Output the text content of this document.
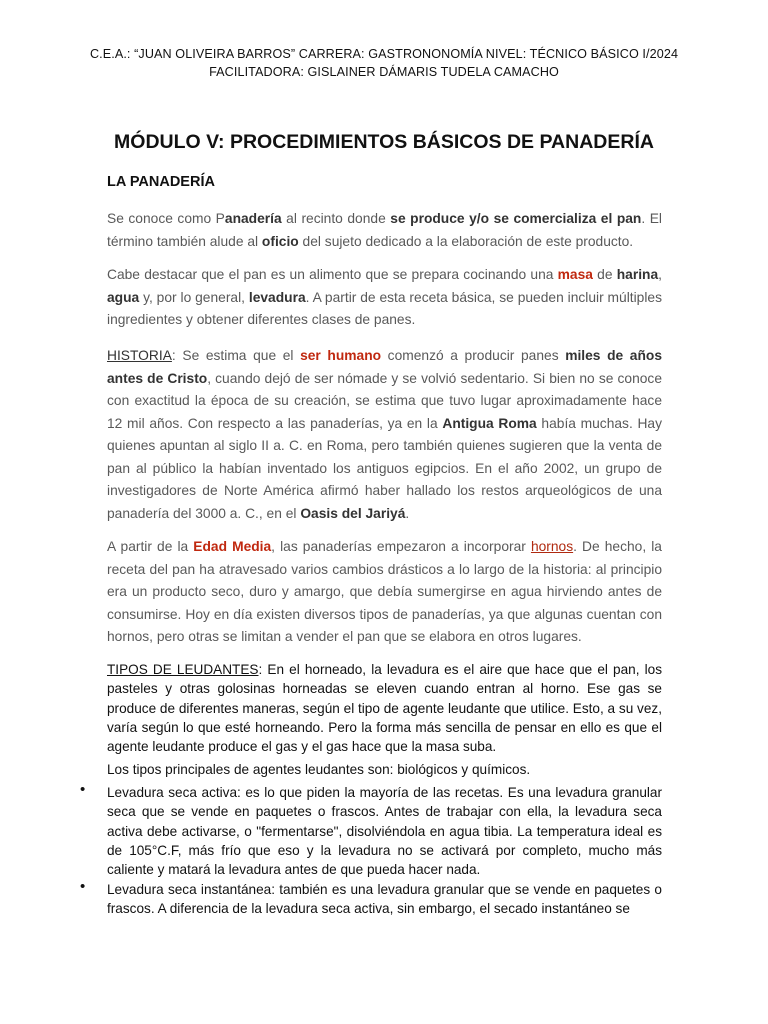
C.E.A.: “JUAN OLIVEIRA BARROS” CARRERA: GASTRONONOMÍA NIVEL: TÉCNICO BÁSICO I/2024
FACILITADORA: GISLAINER DÁMARIS TUDELA CAMACHO
MÓDULO V: PROCEDIMIENTOS BÁSICOS DE PANADERÍA
LA PANADERÍA
Se conoce como Panadería al recinto donde se produce y/o se comercializa el pan. El término también alude al oficio del sujeto dedicado a la elaboración de este producto.
Cabe destacar que el pan es un alimento que se prepara cocinando una masa de harina, agua y, por lo general, levadura. A partir de esta receta básica, se pueden incluir múltiples ingredientes y obtener diferentes clases de panes.
HISTORIA: Se estima que el ser humano comenzó a producir panes miles de años antes de Cristo, cuando dejó de ser nómade y se volvió sedentario. Si bien no se conoce con exactitud la época de su creación, se estima que tuvo lugar aproximadamente hace 12 mil años. Con respecto a las panaderías, ya en la Antigua Roma había muchas. Hay quienes apuntan al siglo II a. C. en Roma, pero también quienes sugieren que la venta de pan al público la habían inventado los antiguos egipcios. En el año 2002, un grupo de investigadores de Norte América afirmó haber hallado los restos arqueológicos de una panadería del 3000 a. C., en el Oasis del Jariyá.
A partir de la Edad Media, las panaderías empezaron a incorporar hornos. De hecho, la receta del pan ha atravesado varios cambios drásticos a lo largo de la historia: al principio era un producto seco, duro y amargo, que debía sumergirse en agua hirviendo antes de consumirse. Hoy en día existen diversos tipos de panaderías, ya que algunas cuentan con hornos, pero otras se limitan a vender el pan que se elabora en otros lugares.
TIPOS DE LEUDANTES: En el horneado, la levadura es el aire que hace que el pan, los pasteles y otras golosinas horneadas se eleven cuando entran al horno. Ese gas se produce de diferentes maneras, según el tipo de agente leudante que utilice. Esto, a su vez, varía según lo que esté horneando. Pero la forma más sencilla de pensar en ello es que el agente leudante produce el gas y el gas hace que la masa suba.
Los tipos principales de agentes leudantes son: biológicos y químicos.
• Levadura seca activa: es lo que piden la mayoría de las recetas. Es una levadura granular seca que se vende en paquetes o frascos. Antes de trabajar con ella, la levadura seca activa debe activarse, o "fermentarse", disolviéndola en agua tibia. La temperatura ideal es de 105°C.F, más frío que eso y la levadura no se activará por completo, mucho más caliente y matará la levadura antes de que pueda hacer nada.
• Levadura seca instantánea: también es una levadura granular que se vende en paquetes o frascos. A diferencia de la levadura seca activa, sin embargo, el secado instantáneo se
